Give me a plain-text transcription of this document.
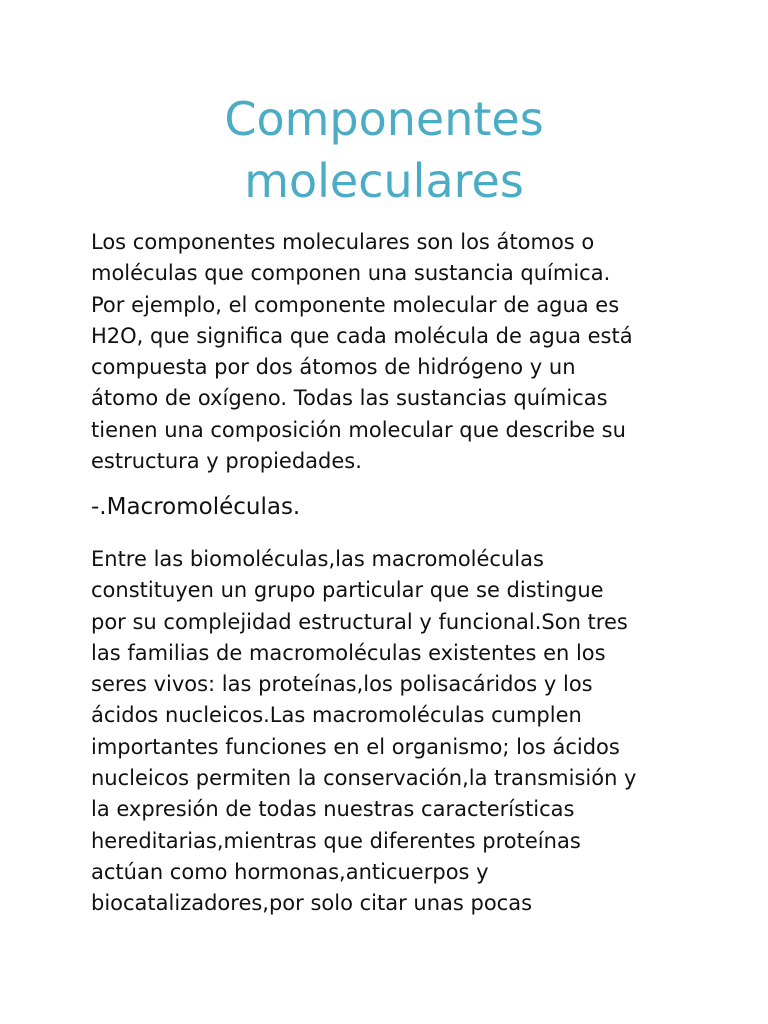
Componentes
moleculares

Los componentes moleculares son los átomos o
moléculas que componen una sustancia química.
Por ejemplo, el componente molecular de agua es
H2O, que significa que cada molécula de agua está
compuesta por dos átomos de hidrógeno y un
átomo de oxígeno. Todas las sustancias químicas
tienen una composición molecular que describe su
estructura y propiedades.

-.Macromoléculas.

Entre las biomoléculas,las macromoléculas
constituyen un grupo particular que se distingue
por su complejidad estructural y funcional.Son tres
las familias de macromoléculas existentes en los
seres vivos: las proteínas,los polisacáridos y los
ácidos nucleicos.Las macromoléculas cumplen
importantes funciones en el organismo; los ácidos
nucleicos permiten la conservación,la transmisión y
la expresión de todas nuestras características
hereditarias,mientras que diferentes proteínas
actúan como hormonas,anticuerpos y
biocatalizadores,por solo citar unas pocas
